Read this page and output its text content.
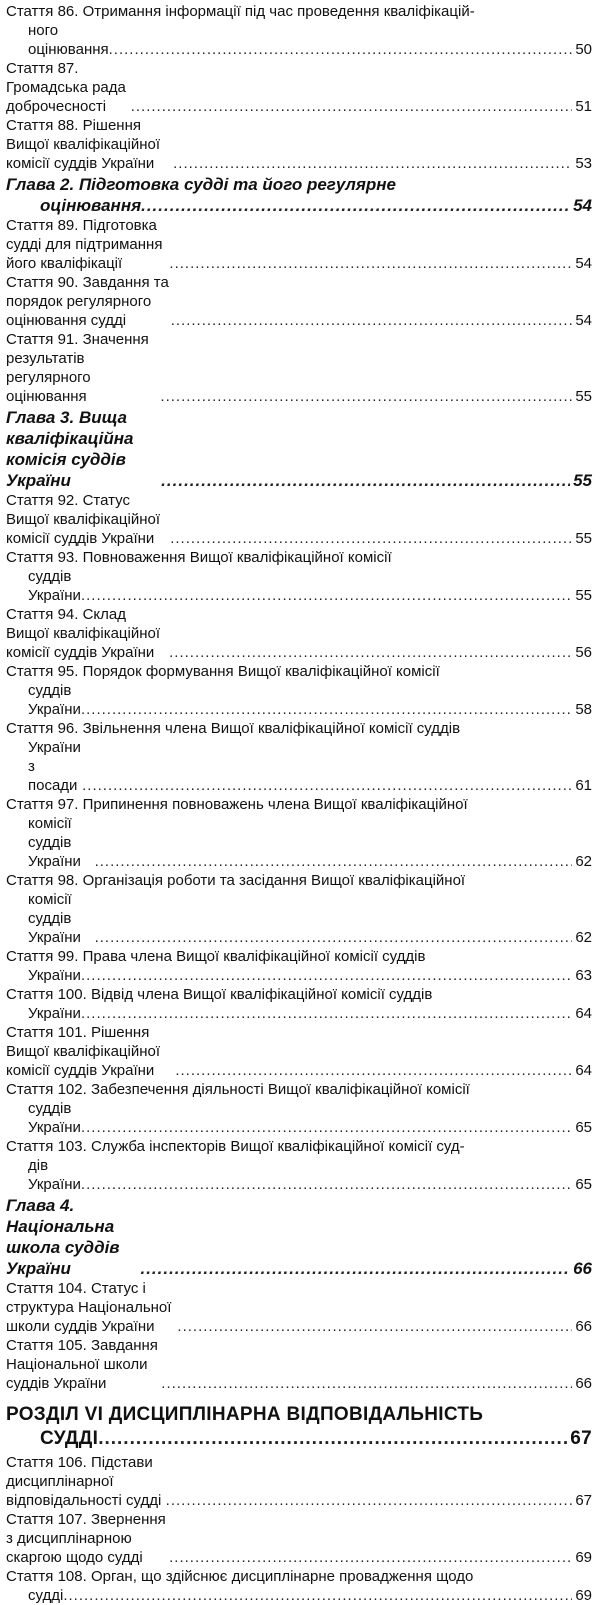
Стаття 86. Отримання інформації під час проведення кваліфікацій-
ного оцінювання .....	50
Стаття 87. Громадська рада доброчесності .....	51
Стаття 88. Рішення Вищої кваліфікаційної комісії суддів України .....	53
Глава 2. Підготовка судді та його регулярне
оцінювання .....	54
Стаття 89. Підготовка судді для підтримання його кваліфікації .....	54
Стаття 90. Завдання та порядок регулярного оцінювання судді .....	54
Стаття 91. Значення результатів регулярного оцінювання .....	55
Глава 3. Вища кваліфікаційна комісія суддів України .....	55
Стаття 92. Статус Вищої кваліфікаційної комісії суддів України .....	55
Стаття 93. Повноваження Вищої кваліфікаційної комісії
суддів України .....	55
Стаття 94. Склад Вищої кваліфікаційної комісії суддів України .....	56
Стаття 95. Порядок формування Вищої кваліфікаційної комісії
суддів України .....	58
Стаття 96. Звільнення члена Вищої кваліфікаційної комісії суддів
України з посади .....	61
Стаття 97. Припинення повноважень члена Вищої кваліфікаційної
комісії суддів України .....	62
Стаття 98. Організація роботи та засідання Вищої кваліфікаційної
комісії суддів України .....	62
Стаття 99. Права члена Вищої кваліфікаційної комісії суддів
України .....	63
Стаття 100. Відвід члена Вищої кваліфікаційної комісії суддів
України .....	64
Стаття 101. Рішення Вищої кваліфікаційної комісії суддів України .....	64
Стаття 102. Забезпечення діяльності Вищої кваліфікаційної комісії
суддів України .....	65
Стаття 103. Служба інспекторів Вищої кваліфікаційної комісії суд-
дів України .....	65
Глава 4. Національна школа суддів України .....	66
Стаття 104. Статус і структура Національної школи суддів України .....	66
Стаття 105. Завдання Національної школи суддів України .....	66
РОЗДІЛ VI ДИСЦИПЛІНАРНА ВІДПОВІДАЛЬНІСТЬ
СУДДІ .....	67
Стаття 106. Підстави дисциплінарної відповідальності судді .....	67
Стаття 107. Звернення з дисциплінарною скаргою щодо судді .....	69
Стаття 108. Орган, що здійснює дисциплінарне провадження щодо
судді .....	69
